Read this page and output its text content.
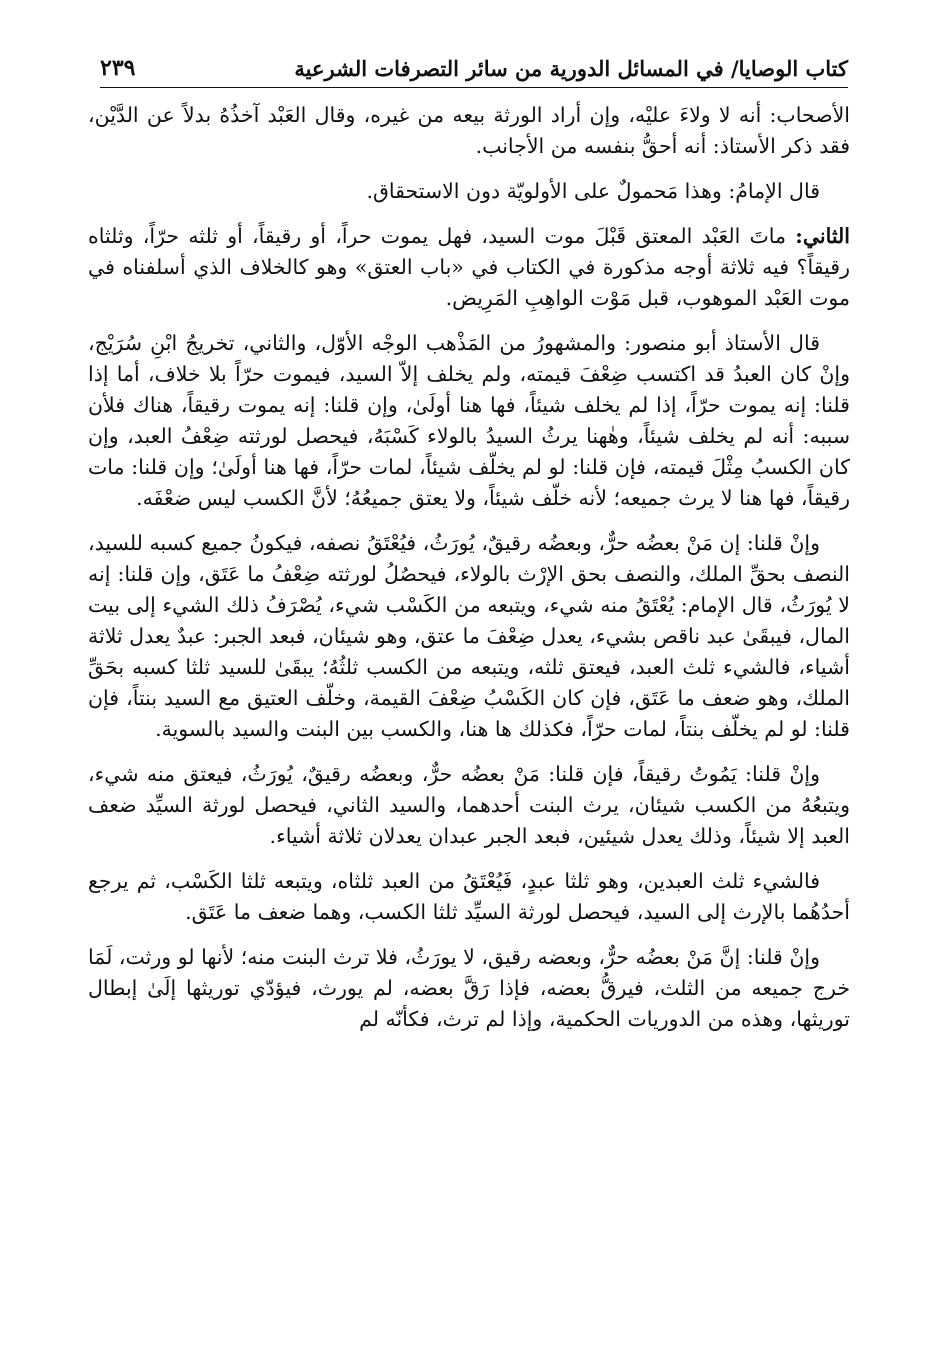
كتاب الوصايا/ في المسائل الدورية من سائر التصرفات الشرعية
٢٣٩

الأصحاب: أنه لا ولاءَ عليْه، وإن أراد الورثة بيعه من غيره، وقال العَبْد آخذُهُ بدلاً عن الدَّيْن، فقد ذكر الأستاذ: أنه أحقُّ بنفسه من الأجانب.

قال الإمامُ: وهذا مَحمولٌ على الأولويّة دون الاستحقاق.

الثاني: ماتَ العَبْد المعتق قَبْلَ موت السيد، فهل يموت حراً، أو رقيقاً، أو ثلثه حرّاً، وثلثاه رقيقاً؟ فيه ثلاثة أوجه مذكورة في الكتاب في «باب العتق» وهو كالخلاف الذي أسلفناه في موت العَبْد الموهوب، قبل مَوْت الواهِبِ المَرِيض.

قال الأستاذ أبو منصور: والمشهورُ من المَذْهب الوجْه الأوّل، والثاني، تخريجُ ابْنِ سُرَيْج، وإنْ كان العبدُ قد اكتسب ضِعْفَ قيمته، ولم يخلف إلاّ السيد، فيموت حرّاً بلا خلاف، أما إذا قلنا: إنه يموت حرّاً، إذا لم يخلف شيئاً، فها هنا أولَىٰ، وإن قلنا: إنه يموت رقيقاً، هناك فلأن سببه: أنه لم يخلف شيئاً، وهٰهنا يرثُ السيدُ بالولاء كَسْبَهُ، فيحصل لورثته ضِعْفُ العبد، وإن كان الكسبُ مِثْلَ قيمته، فإن قلنا: لو لم يخلّف شيئاً، لمات حرّاً، فها هنا أولَىٰ؛ وإن قلنا: مات رقيقاً، فها هنا لا يرث جميعه؛ لأنه خلّف شيئاً، ولا يعتق جميعُهُ؛ لأنَّ الكسب ليس ضعْفَه.

وإنْ قلنا: إن مَنْ بعضُه حرٌّ، وبعضُه رقيقٌ، يُورَثُ، فيُعْتَقُ نصفه، فيكونُ جميع كسبه للسيد، النصف بحقِّ الملك، والنصف بحق الإرْث بالولاء، فيحصُلُ لورثته ضِعْفُ ما عَتَق، وإن قلنا: إنه لا يُورَثُ، قال الإمام: يُعْتَقُ منه شيء، ويتبعه من الكَسْب شيء، يُصْرَفُ ذلك الشيء إلى بيت المال، فيبقَىٰ عبد ناقص بشيء، يعدل ضِعْفَ ما عتق، وهو شيئان، فبعد الجبر: عبدٌ يعدل ثلاثة أشياء، فالشيء ثلث العبد، فيعتق ثلثه، ويتبعه من الكسب ثلثُهُ؛ يبقَىٰ للسيد ثلثا كسبه بحَقِّ الملك، وهو ضعف ما عَتَق، فإن كان الكَسْبُ ضِعْفَ القيمة، وخلّف العتيق مع السيد بنتاً، فإن قلنا: لو لم يخلّف بنتاً، لمات حرّاً، فكذلك ها هنا، والكسب بين البنت والسيد بالسوية.

وإنْ قلنا: يَمُوتُ رقيقاً، فإن قلنا: مَنْ بعضُه حرٌّ، وبعضُه رقيقٌ، يُورَثُ، فيعتق منه شيء، ويتبعُهُ من الكسب شيئان، يرث البنت أحدهما، والسيد الثاني، فيحصل لورثة السيِّد ضعف العبد إلا شيئاً، وذلك يعدل شيئين، فبعد الجبر عبدان يعدلان ثلاثة أشياء.

فالشيء ثلث العبدين، وهو ثلثا عبدٍ، فَيُعْتَقُ من العبد ثلثاه، ويتبعه ثلثا الكَسْب، ثم يرجع أحدُهُما بالإرث إلى السيد، فيحصل لورثة السيِّد ثلثا الكسب، وهما ضعف ما عَتَق.

وإنْ قلنا: إنَّ مَنْ بعضُه حرٌّ، وبعضه رقيق، لا يورَثُ، فلا ترث البنت منه؛ لأنها لو ورثت، لَمَا خرج جميعه من الثلث، فيرقُّ بعضه، فإذا رَقَّ بعضه، لم يورث، فيؤدّي توريثها إلَىٰ إبطال توريثها، وهذه من الدوريات الحكمية، وإذا لم ترث، فكأنّه لم
